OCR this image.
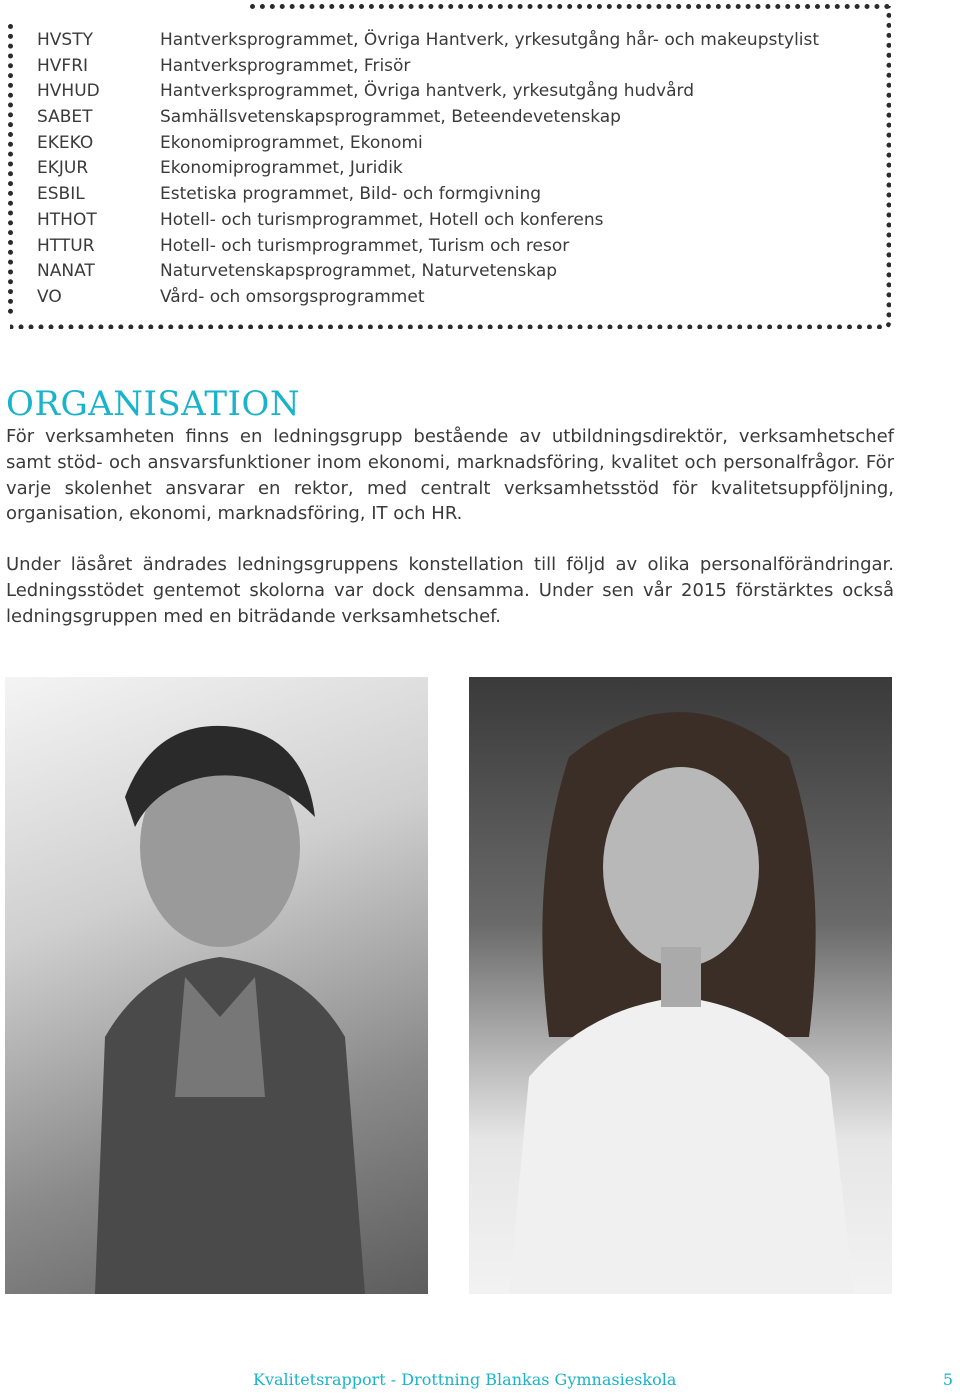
HVSTY	Hantverksprogrammet, Övriga Hantverk, yrkesutgång hår- och makeupstylist
HVFRI	Hantverksprogrammet, Frisör
HVHUD	Hantverksprogrammet, Övriga hantverk, yrkesutgång hudvård
SABET	Samhällsvetenskapsprogrammet, Beteendevetenskap
EKEKO	Ekonomiprogrammet, Ekonomi
EKJUR	Ekonomiprogrammet, Juridik
ESBIL	Estetiska programmet, Bild- och formgivning
HTHOT	Hotell- och turismprogrammet, Hotell och konferens
HTTUR	Hotell- och turismprogrammet, Turism och resor
NANAT	Naturvetenskapsprogrammet, Naturvetenskap
VO	Vård- och omsorgsprogrammet
ORGANISATION

För verksamheten finns en ledningsgrupp bestående av utbildningsdirektör, verksamhetschef samt stöd- och ansvarsfunktioner inom ekonomi, marknadsföring, kvalitet och personalfrågor. För varje skolenhet ansvarar en rektor, med centralt verksamhetsstöd för kvalitetsuppföljning, organisation, ekonomi, marknadsföring, IT och HR.

Under läsåret ändrades ledningsgruppens konstellation till följd av olika personalförändringar. Ledningsstödet gentemot skolorna var dock densamma. Under sen vår 2015 förstärktes också ledningsgruppen med en biträdande verksamhetschef.

Kvalitetsrapport - Drottning Blankas Gymnasieskola	5
